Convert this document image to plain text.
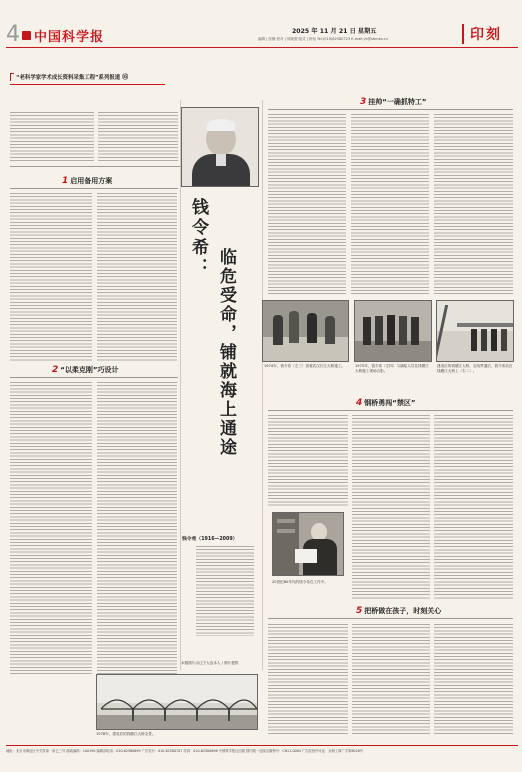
4 中国科学报	2025 年 11 月 21 日 星期五
编辑 | 张楠 校对 | 何晓燕 版式 | 杨怡 Tel:(010)62580723 E-mail:yk@stimes.cn	印刻
“老科学家学术成长资料采集工程”系列报道 ㉟
钱令希：
临危受命，铺就海上通途
1 启用备用方案
2 “以柔克刚”巧设计
钱令希（1916—2009）
本版图片由辽宁大连本人 / 图片提供
3 挂帅“一确抓特工”
1974年，钱令希（左三）查看武汉长江大桥施工。	1975年，钱令希（左四）与测绘人员在钱塘江大桥施工现场合影。
建成后的钱塘江大桥，全线贯通后，钱令希站在钱塘江大桥上（右二）。
4 钢桥勇闯“禁区”
20世纪80年代的钱令希在工作中。
5 把桥做在孩子，时刻关心
1978年，建成后的钱塘江大桥全景。
地址：北京市海淀区中关村南一条乙三号 邮政编码：100190 编辑部电话：010-62580699 广告发行：010-62580707 传真：010-62580696 中国科学报社出版 国内统一连续出版物号：CN11-0084 广告经营许可证：京海工商广字第8026号
